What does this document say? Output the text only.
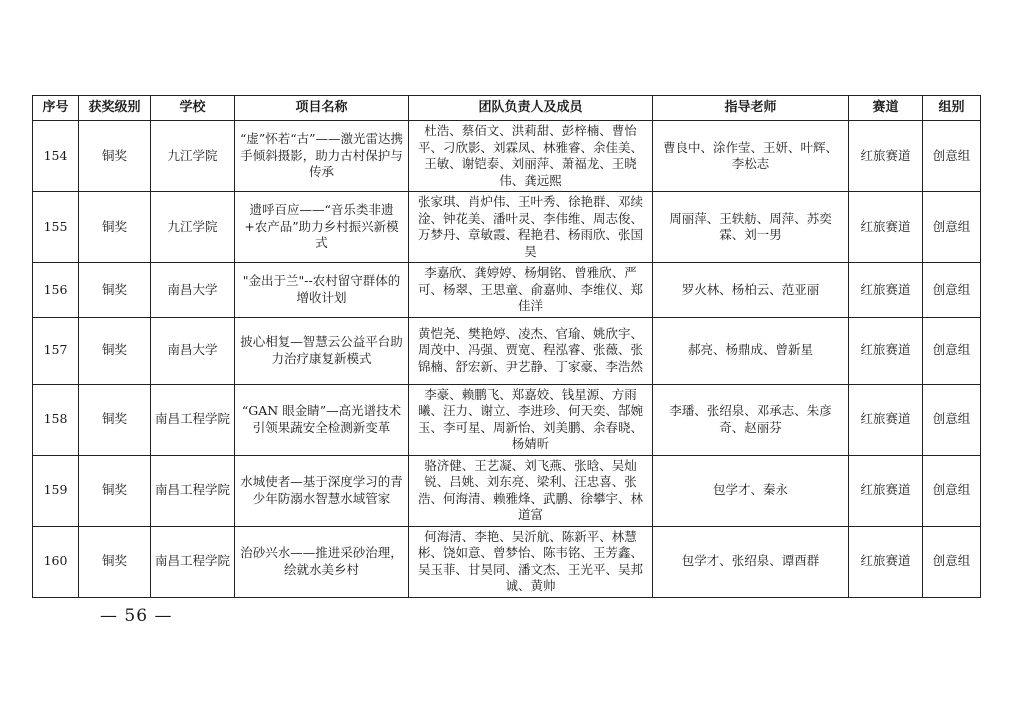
序号	获奖级别	学校	项目名称	团队负责人及成员	指导老师	赛道	组别
154	铜奖	九江学院	“虚”怀若“古”——激光雷达携手倾斜摄影，助力古村保护与传承	杜浩、蔡佰文、洪莉甜、彭梓楠、曹怡平、刁欣影、刘霖凤、林雅睿、余佳美、王敏、谢铠泰、刘丽萍、萧福龙、王晓伟、龚远熙	曹良中、涂作莹、王妍、叶辉、李松志	红旅赛道	创意组
155	铜奖	九江学院	遗呼百应——“音乐类非遗+农产品”助力乡村振兴新模式	张家琪、肖炉伟、王叶秀、徐艳群、邓续淦、钟花美、潘叶灵、李伟维、周志俊、万梦丹、章敏霞、程艳君、杨雨欣、张国昊	周丽萍、王轶舫、周萍、苏奕霖、刘一男	红旅赛道	创意组
156	铜奖	南昌大学	"金出于兰"--农村留守群体的增收计划	李嘉欣、龚婷婷、杨炯铭、曾雅欣、严可、杨翠、王思童、俞嘉帅、李维仪、郑佳洋	罗火林、杨柏云、范亚丽	红旅赛道	创意组
157	铜奖	南昌大学	披心相复—智慧云公益平台助力治疗康复新模式	黄恺尧、樊艳婷、凌杰、官瑜、姚欣宇、周茂中、冯强、贾宽、程泓睿、张薇、张锦楠、舒宏新、尹艺静、丁家豪、李浩然	郝亮、杨鼎成、曾新星	红旅赛道	创意组
158	铜奖	南昌工程学院	“GAN 眼金睛”—高光谱技术引领果蔬安全检测新变革	李豪、赖鹏飞、郑嘉姣、钱星源、方雨曦、汪力、谢立、李进珍、何天奕、郜婉玉、李可星、周新怡、刘美鹏、余春晓、杨婧昕	李璠、张绍泉、邓承志、朱彦奇、赵丽芬	红旅赛道	创意组
159	铜奖	南昌工程学院	水城使者—基于深度学习的青少年防溺水智慧水域管家	骆济健、王艺凝、刘飞燕、张晗、吴灿锐、吕姚、刘东亮、梁利、汪忠喜、张浩、何海清、赖雅烽、武鹏、徐攀宇、林道富	包学才、秦永	红旅赛道	创意组
160	铜奖	南昌工程学院	治砂兴水——推进采砂治理，绘就水美乡村	何海清、李艳、吴沂航、陈新平、林慧彬、饶如意、曾梦怡、陈韦铭、王芳鑫、吴玉菲、甘昊同、潘文杰、王光平、吴邦诚、黄帅	包学才、张绍泉、谭酉群	红旅赛道	创意组
— 56 —
